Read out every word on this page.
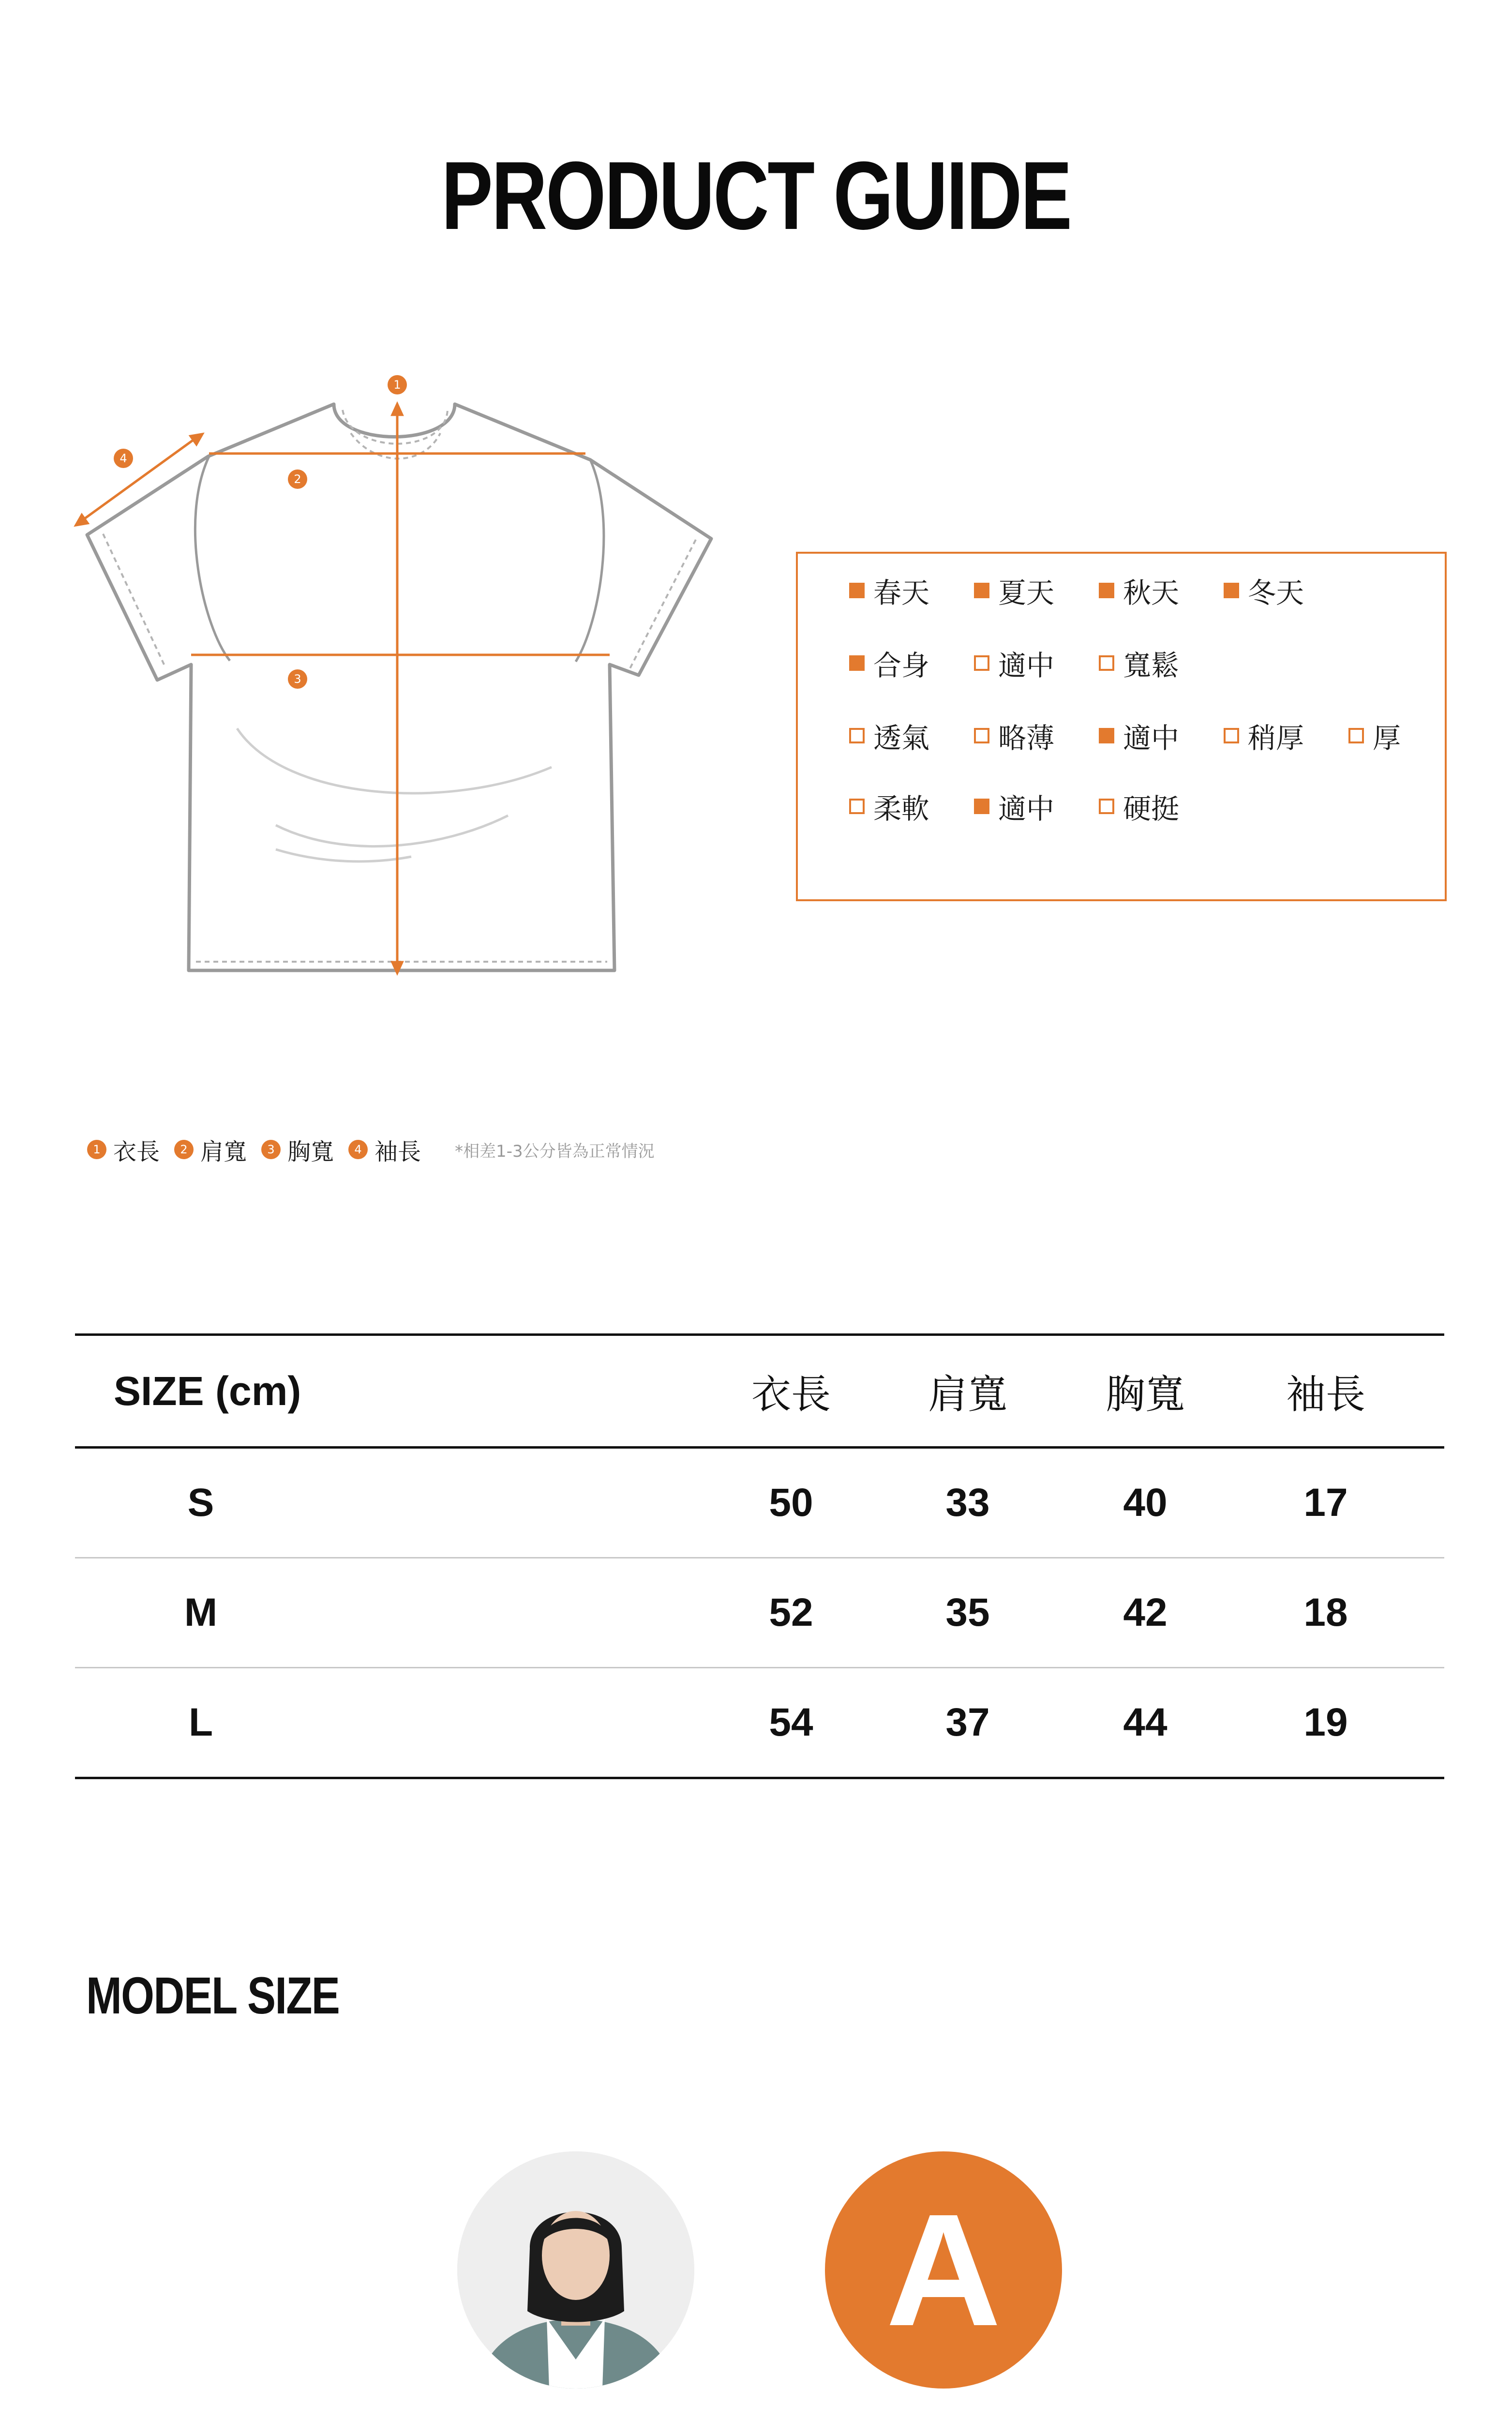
PRODUCT GUIDE
1
2
3
4
春天 夏天 秋天 冬天
合身 適中 寬鬆
透氣 略薄 適中 稍厚 厚
柔軟 適中 硬挺
1 衣長	2 肩寬	3 胸寬	4 袖長 *相差1-3公分皆為正常情況
SIZE (cm)	衣長	肩寬	胸寬	袖長
S	50	33	40	17
M	52	35	42	18
L	54	37	44	19
MODEL SIZE
A
